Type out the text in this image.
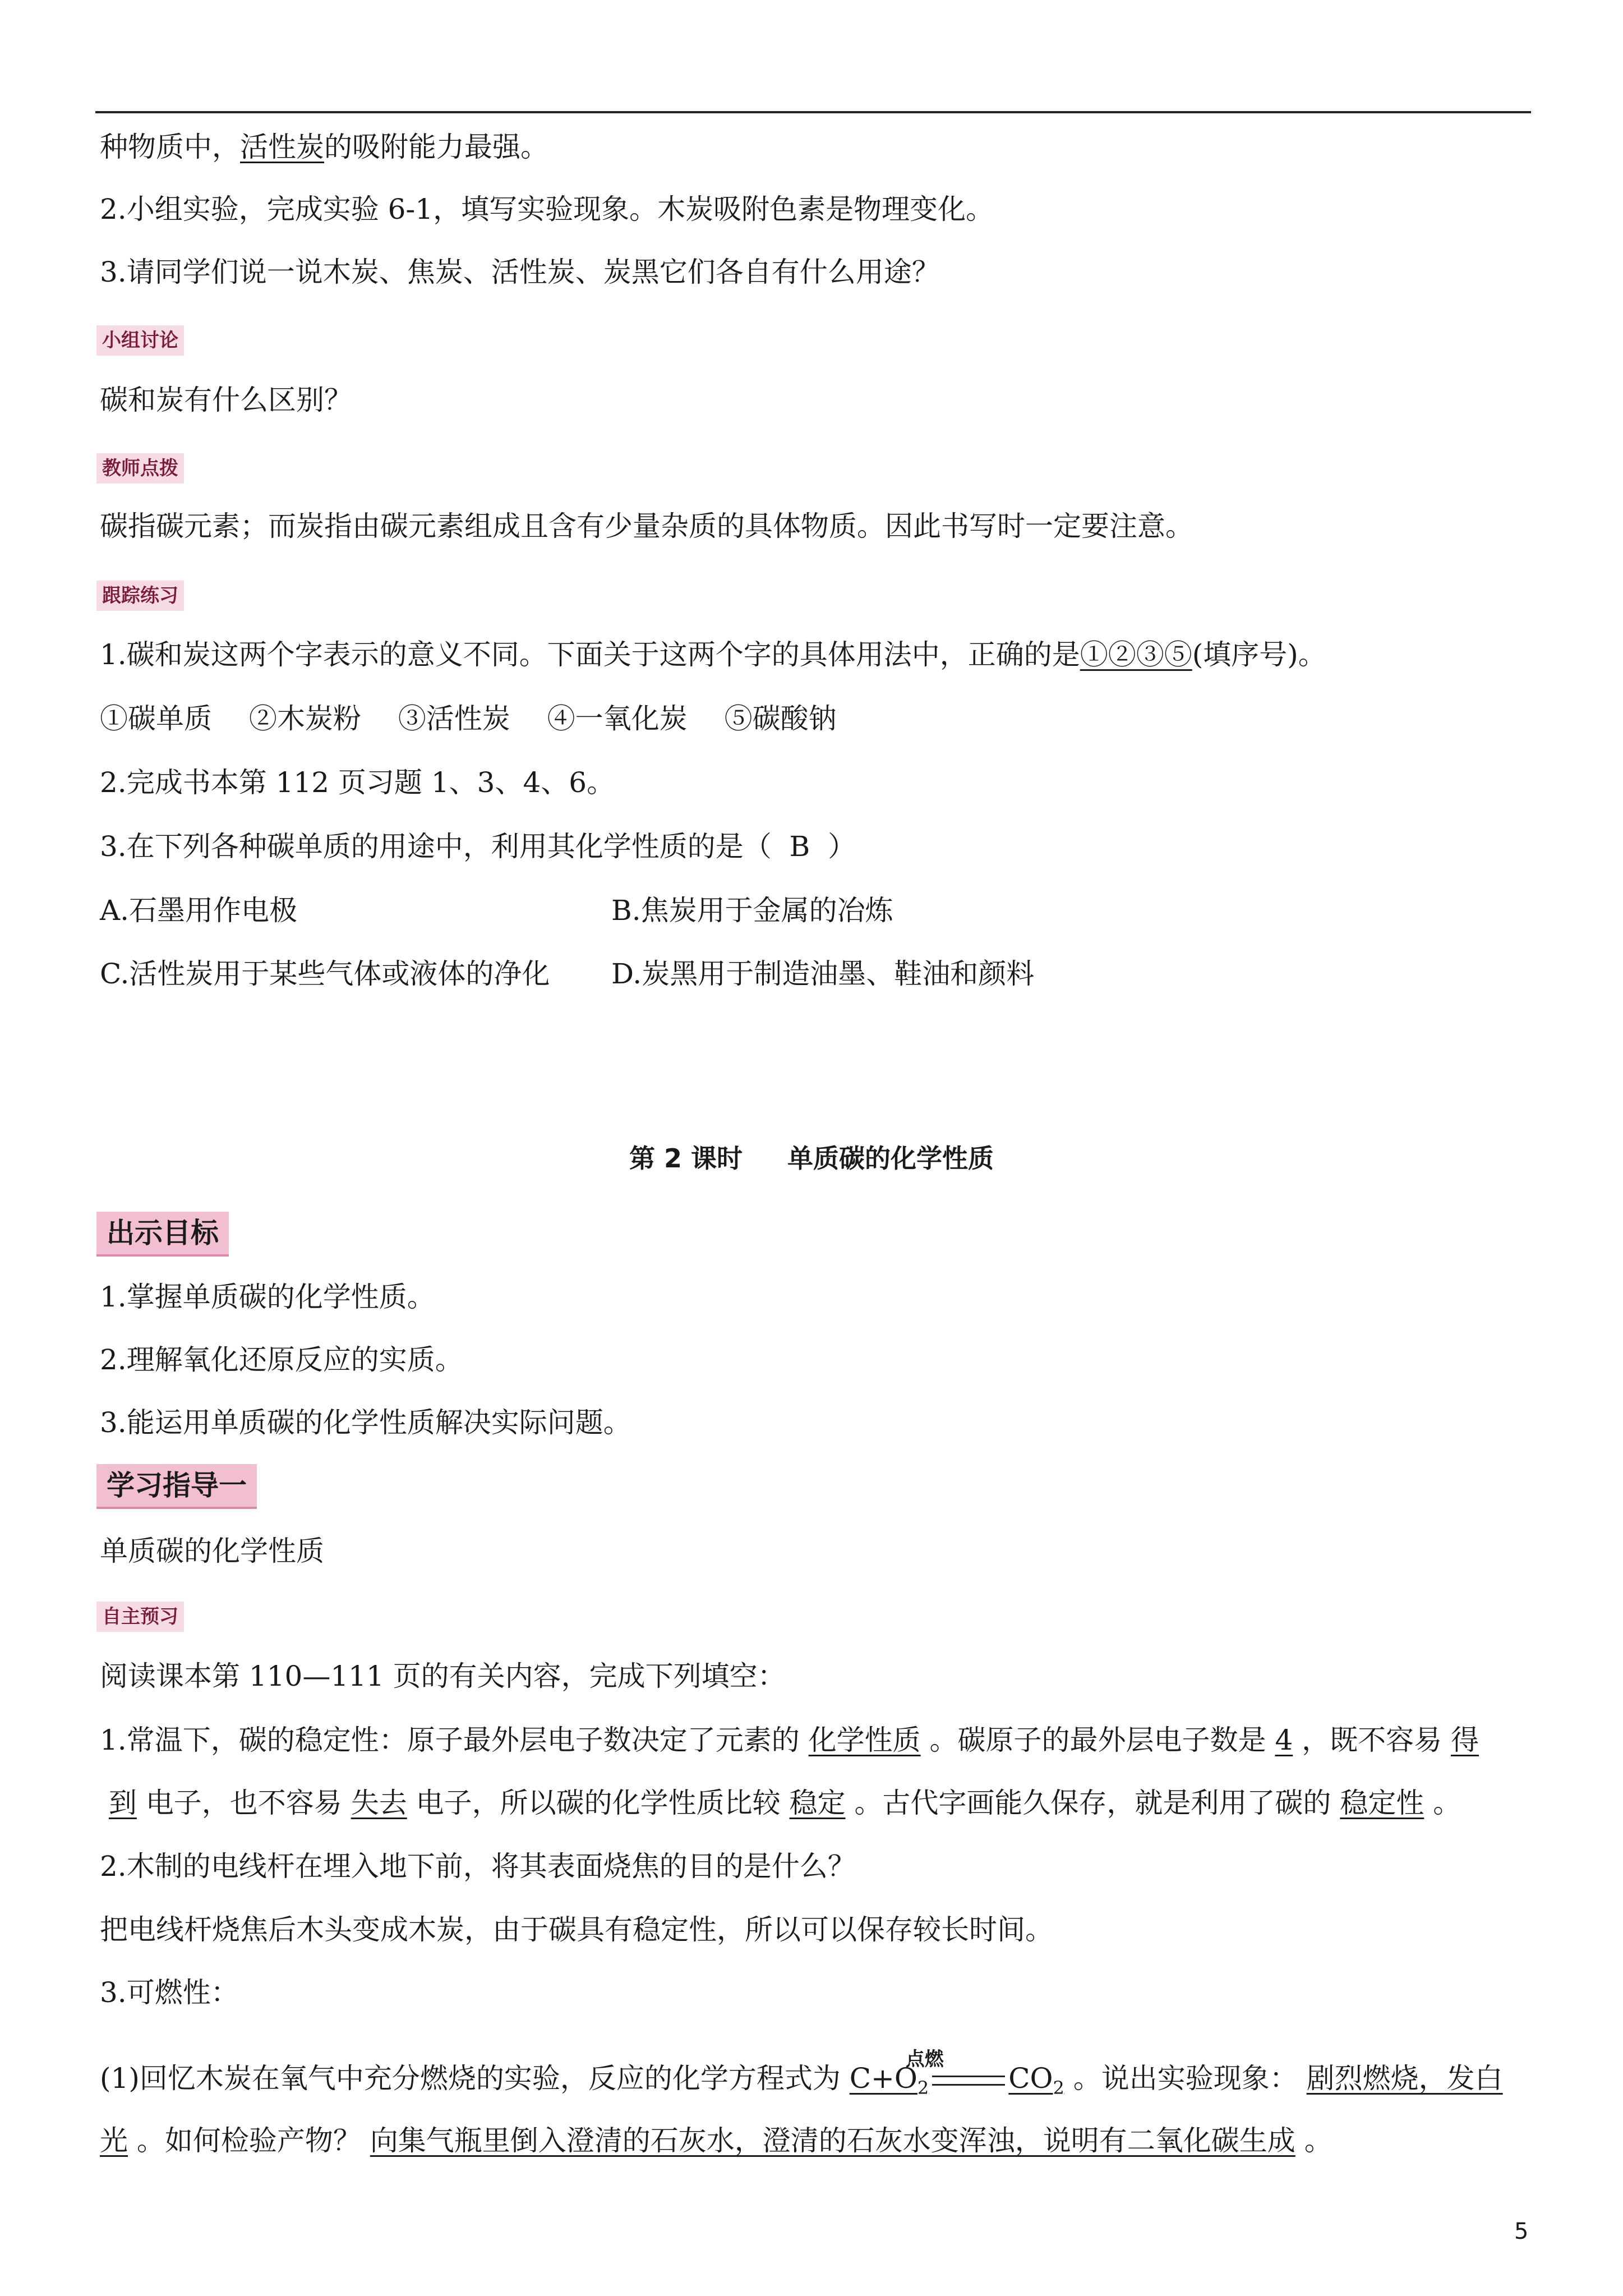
种物质中，活性炭的吸附能力最强。
2.小组实验，完成实验 6-1，填写实验现象。木炭吸附色素是物理变化。
3.请同学们说一说木炭、焦炭、活性炭、炭黑它们各自有什么用途？
小组讨论
碳和炭有什么区别？
教师点拨
碳指碳元素；而炭指由碳元素组成且含有少量杂质的具体物质。因此书写时一定要注意。
跟踪练习
1.碳和炭这两个字表示的意义不同。下面关于这两个字的具体用法中，正确的是①②③⑤(填序号)。
①碳单质　 ②木炭粉　 ③活性炭　 ④一氧化炭　 ⑤碳酸钠
2.完成书本第 112 页习题 1、3、4、6。
3.在下列各种碳单质的用途中，利用其化学性质的是（ B ）
A.石墨用作电极	B.焦炭用于金属的冶炼
C.活性炭用于某些气体或液体的净化 D.炭黑用于制造油墨、鞋油和颜料
第 2 课时 单质碳的化学性质
出示目标
1.掌握单质碳的化学性质。
2.理解氧化还原反应的实质。
3.能运用单质碳的化学性质解决实际问题。
学习指导一
单质碳的化学性质
自主预习
阅读课本第 110—111 页的有关内容，完成下列填空：
1.常温下，碳的稳定性：原子最外层电子数决定了元素的 化学性质 。碳原子的最外层电子数是 4 ，既不容易 得
到 电子，也不容易 失去 电子，所以碳的化学性质比较 稳定 。古代字画能久保存，就是利用了碳的 稳定性 。
2.木制的电线杆在埋入地下前，将其表面烧焦的目的是什么？
把电线杆烧焦后木头变成木炭，由于碳具有稳定性，所以可以保存较长时间。
3.可燃性：
(1)回忆木炭在氧气中充分燃烧的实验，反应的化学方程式为 $C+O_2$
点燃
$CO_2$ 。说出实验现象： 剧烈燃烧，发白
光 。如何检验产物？ 向集气瓶里倒入澄清的石灰水，澄清的石灰水变浑浊，说明有二氧化碳生成 。
5
